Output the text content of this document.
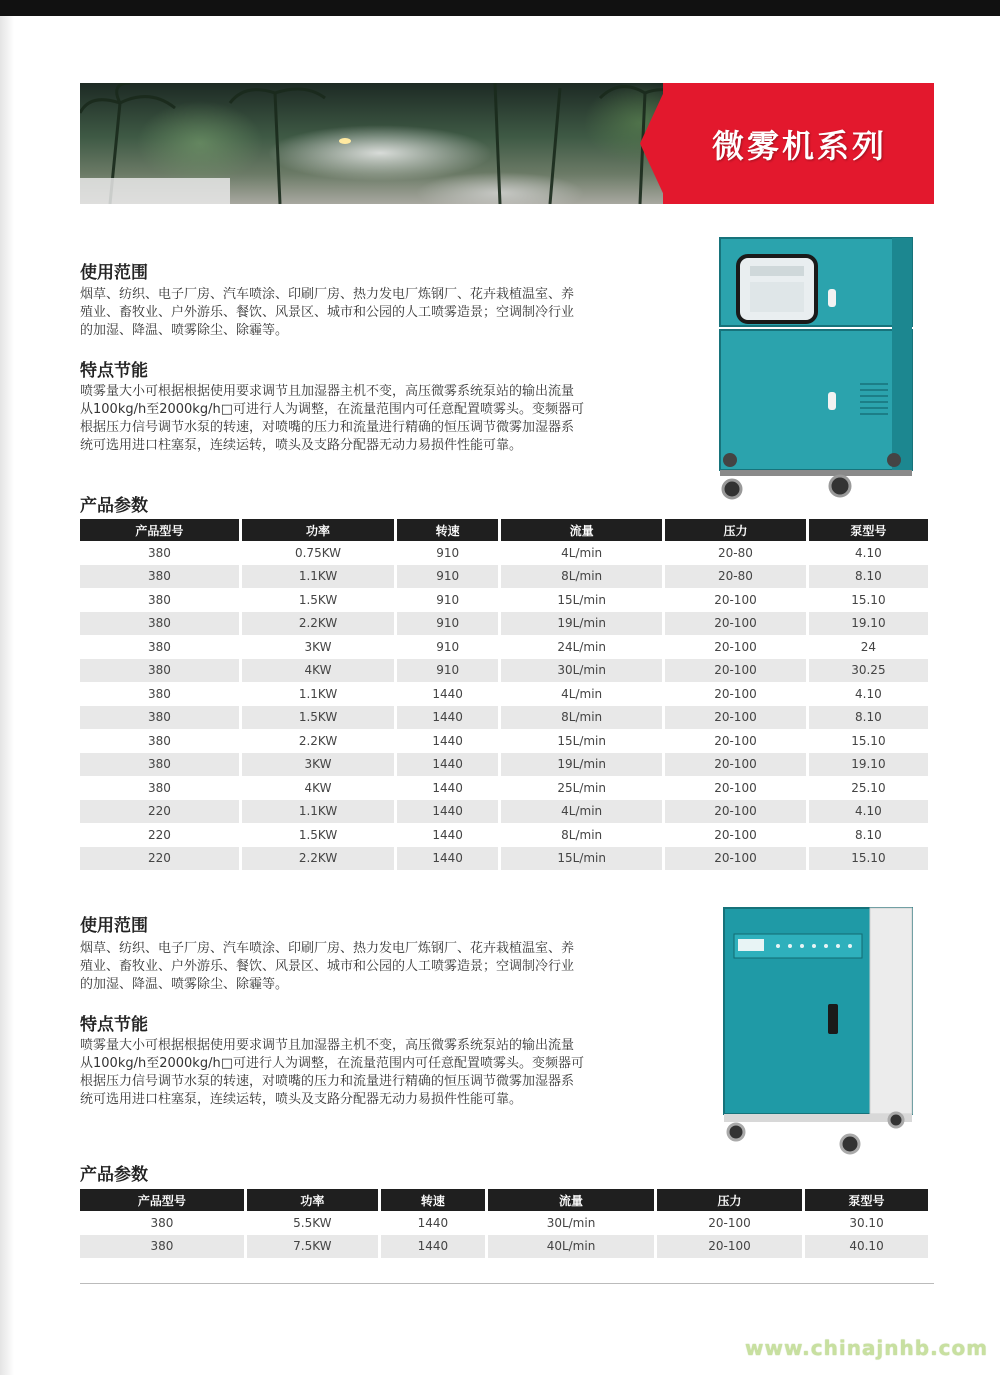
微雾机系列
使用范围
烟草、纺织、电子厂房、汽车喷涂、印刷厂房、热力发电厂炼钢厂、花卉栽植温室、养
殖业、畜牧业、户外游乐、餐饮、风景区、城市和公园的人工喷雾造景；空调制冷行业
的加湿、降温、喷雾除尘、除霾等。
特点节能
喷雾量大小可根据根据使用要求调节且加湿器主机不变，高压微雾系统泵站的输出流量
从100kg/h至2000kg/h□可进行人为调整，在流量范围内可任意配置喷雾头。变频器可
根据压力信号调节水泵的转速，对喷嘴的压力和流量进行精确的恒压调节微雾加湿器系
统可选用进口柱塞泵，连续运转，喷头及支路分配器无动力易损件性能可靠。
产品参数
产品型号	功率	转速	流量	压力	泵型号
380	0.75KW	910	4L/min	20-80	4.10
380	1.1KW	910	8L/min	20-80	8.10
380	1.5KW	910	15L/min	20-100	15.10
380	2.2KW	910	19L/min	20-100	19.10
380	3KW	910	24L/min	20-100	24
380	4KW	910	30L/min	20-100	30.25
380	1.1KW	1440	4L/min	20-100	4.10
380	1.5KW	1440	8L/min	20-100	8.10
380	2.2KW	1440	15L/min	20-100	15.10
380	3KW	1440	19L/min	20-100	19.10
380	4KW	1440	25L/min	20-100	25.10
220	1.1KW	1440	4L/min	20-100	4.10
220	1.5KW	1440	8L/min	20-100	8.10
220	2.2KW	1440	15L/min	20-100	15.10
使用范围
烟草、纺织、电子厂房、汽车喷涂、印刷厂房、热力发电厂炼钢厂、花卉栽植温室、养
殖业、畜牧业、户外游乐、餐饮、风景区、城市和公园的人工喷雾造景；空调制冷行业
的加湿、降温、喷雾除尘、除霾等。
特点节能
喷雾量大小可根据根据使用要求调节且加湿器主机不变，高压微雾系统泵站的输出流量
从100kg/h至2000kg/h□可进行人为调整，在流量范围内可任意配置喷雾头。变频器可
根据压力信号调节水泵的转速，对喷嘴的压力和流量进行精确的恒压调节微雾加湿器系
统可选用进口柱塞泵，连续运转，喷头及支路分配器无动力易损件性能可靠。
产品参数
产品型号	功率	转速	流量	压力	泵型号
380	5.5KW	1440	30L/min	20-100	30.10
380	7.5KW	1440	40L/min	20-100	40.10
www.chinajnhb.com
